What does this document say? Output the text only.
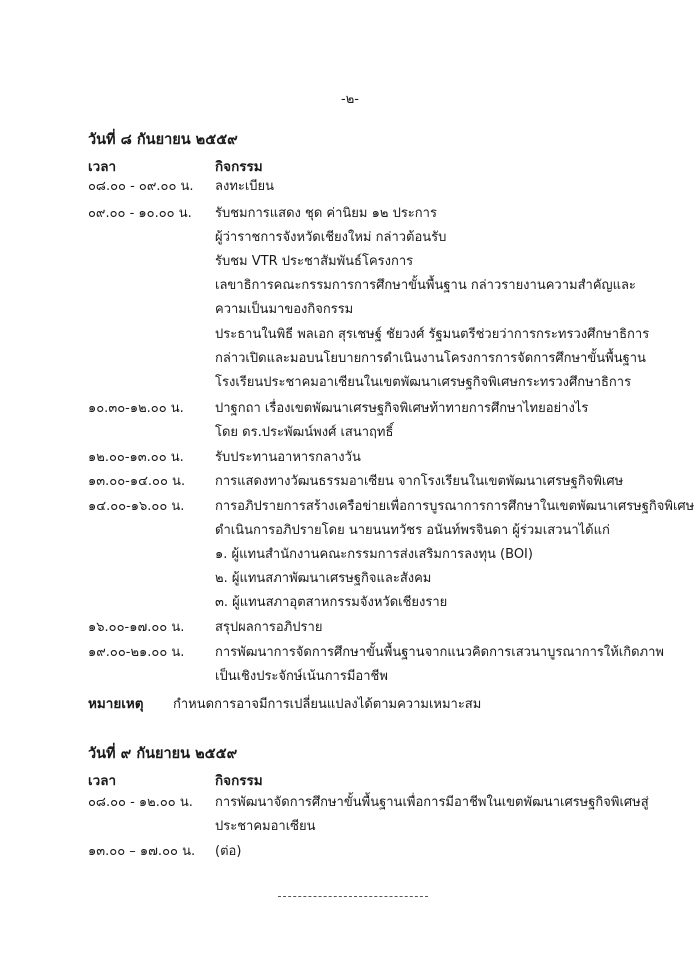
-๒-
วันที่ ๘ กันยายน ๒๕๕๙
เวลา	กิจกรรม
๐๘.๐๐ - ๐๙.๐๐ น. ลงทะเบียน
๐๙.๐๐ - ๑๐.๐๐ น. รับชมการแสดง ชุด ค่านิยม ๑๒ ประการ
ผู้ว่าราชการจังหวัดเชียงใหม่ กล่าวต้อนรับ
รับชม VTR ประชาสัมพันธ์โครงการ
เลขาธิการคณะกรรมการการศึกษาขั้นพื้นฐาน กล่าวรายงานความสำคัญและ
ความเป็นมาของกิจกรรม
ประธานในพิธี พลเอก สุรเชษฐ์ ชัยวงศ์ รัฐมนตรีช่วยว่าการกระทรวงศึกษาธิการ
กล่าวเปิดและมอบนโยบายการดำเนินงานโครงการการจัดการศึกษาขั้นพื้นฐาน
โรงเรียนประชาคมอาเซียนในเขตพัฒนาเศรษฐกิจพิเศษกระทรวงศึกษาธิการ
๑๐.๓๐-๑๒.๐๐ น. ปาฐกถา เรื่องเขตพัฒนาเศรษฐกิจพิเศษท้าทายการศึกษาไทยอย่างไร
โดย ดร.ประพัฒน์พงศ์ เสนาฤทธิ์
๑๒.๐๐-๑๓.๐๐ น. รับประทานอาหารกลางวัน
๑๓.๐๐-๑๔.๐๐ น. การแสดงทางวัฒนธรรมอาเซียน จากโรงเรียนในเขตพัฒนาเศรษฐกิจพิเศษ
๑๔.๐๐-๑๖.๐๐ น. การอภิปรายการสร้างเครือข่ายเพื่อการบูรณาการการศึกษาในเขตพัฒนาเศรษฐกิจพิเศษ
ดำเนินการอภิปรายโดย นายนนทวัชร อนันท์พรจินดา ผู้ร่วมเสวนาได้แก่
๑. ผู้แทนสำนักงานคณะกรรมการส่งเสริมการลงทุน (BOI)
๒. ผู้แทนสภาพัฒนาเศรษฐกิจและสังคม
๓. ผู้แทนสภาอุตสาหกรรมจังหวัดเชียงราย
๑๖.๐๐-๑๗.๐๐ น. สรุปผลการอภิปราย
๑๙.๐๐-๒๑.๐๐ น. การพัฒนาการจัดการศึกษาขั้นพื้นฐานจากแนวคิดการเสวนาบูรณาการให้เกิดภาพ
เป็นเชิงประจักษ์เน้นการมีอาชีพ
หมายเหตุ กำหนดการอาจมีการเปลี่ยนแปลงได้ตามความเหมาะสม
วันที่ ๙ กันยายน ๒๕๕๙
เวลา	กิจกรรม
๐๘.๐๐ - ๑๒.๐๐ น. การพัฒนาจัดการศึกษาขั้นพื้นฐานเพื่อการมีอาชีพในเขตพัฒนาเศรษฐกิจพิเศษสู่
ประชาคมอาเซียน
๑๓.๐๐ – ๑๗.๐๐ น. (ต่อ)
